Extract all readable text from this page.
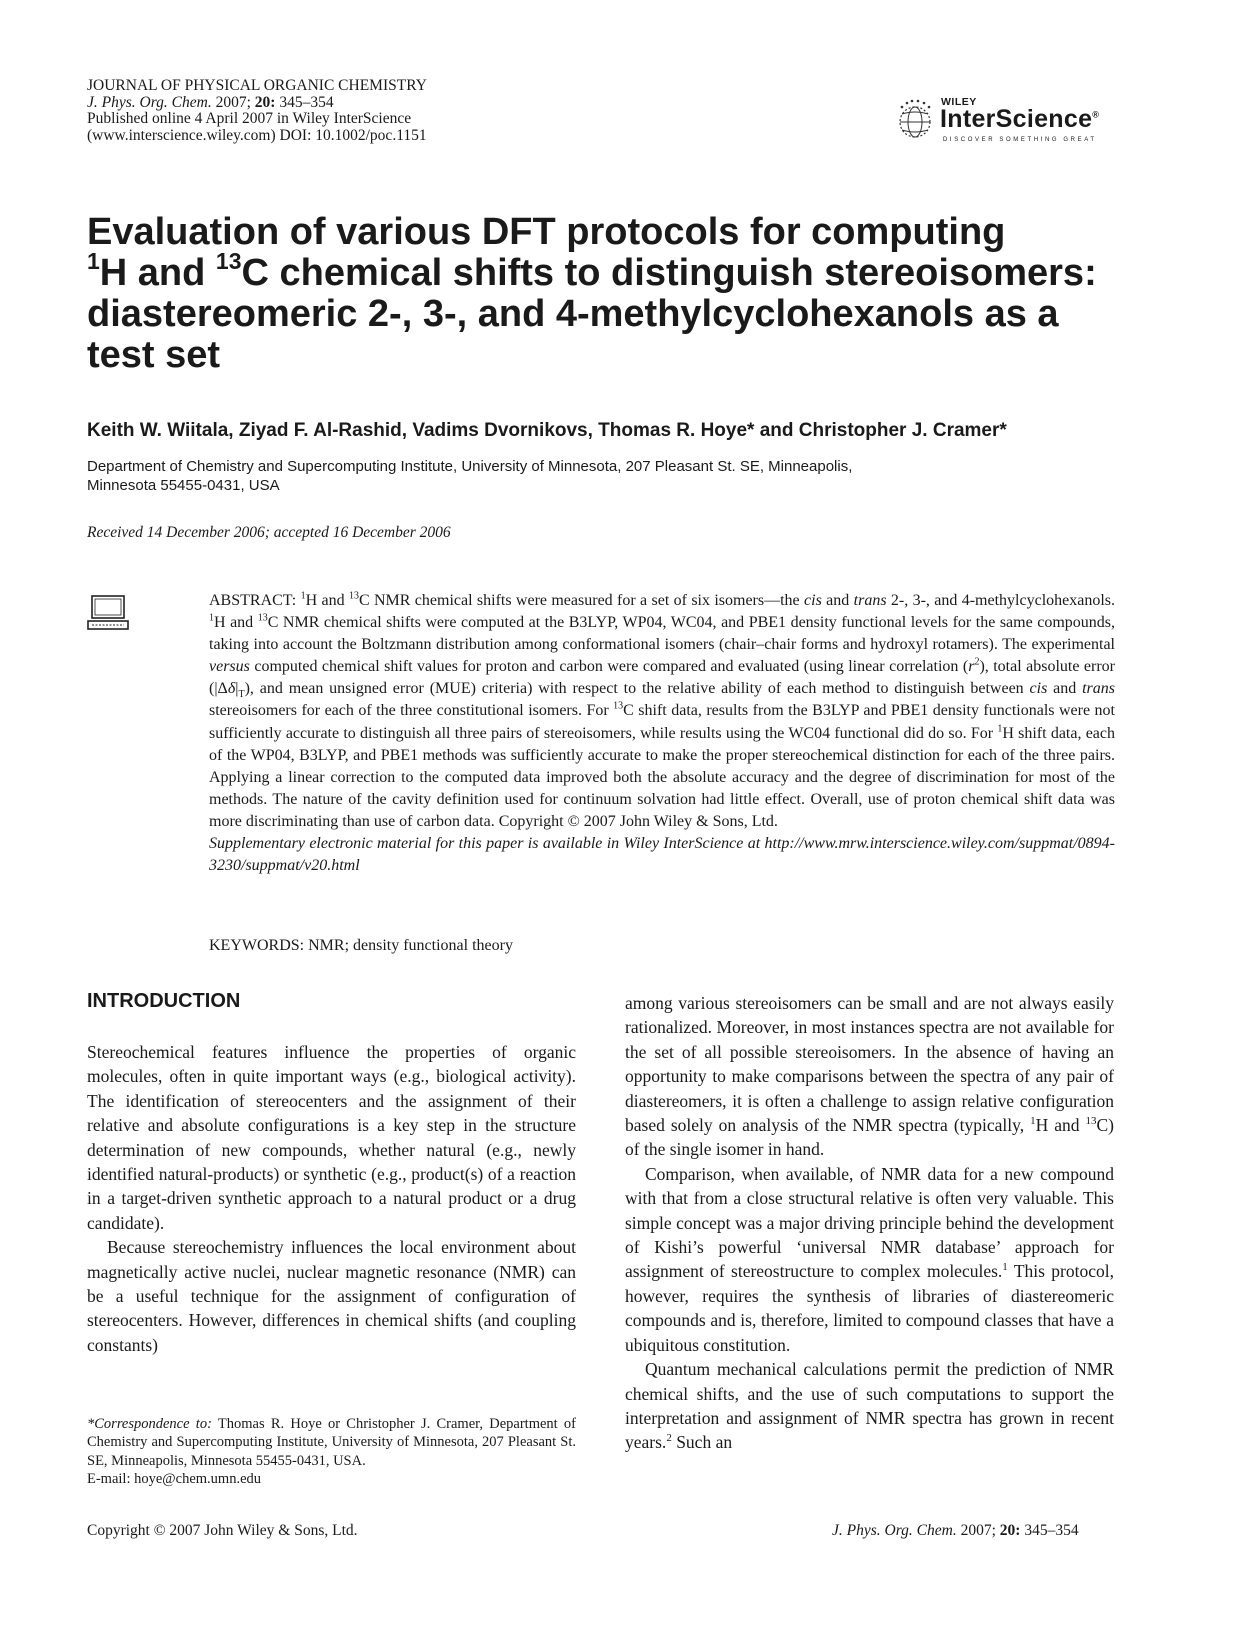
JOURNAL OF PHYSICAL ORGANIC CHEMISTRY
J. Phys. Org. Chem. 2007; 20: 345–354
Published online 4 April 2007 in Wiley InterScience
(www.interscience.wiley.com) DOI: 10.1002/poc.1151
WILEY
InterScience®
DISCOVER SOMETHING GREAT
Evaluation of various DFT protocols for computing
$^1$H and $^{13}$C chemical shifts to distinguish stereoisomers:
diastereomeric 2-, 3-, and 4-methylcyclohexanols as a
test set
Keith W. Wiitala, Ziyad F. Al-Rashid, Vadims Dvornikovs, Thomas R. Hoye* and Christopher J. Cramer*
Department of Chemistry and Supercomputing Institute, University of Minnesota, 207 Pleasant St. SE, Minneapolis,
Minnesota 55455-0431, USA
Received 14 December 2006; accepted 16 December 2006

ABSTRACT: $^1$H and $^{13}$C NMR chemical shifts were measured for a set of six isomers—the cis and trans 2-, 3-, and 4-methylcyclohexanols. $^1$H and $^{13}$C NMR chemical shifts were computed at the B3LYP, WP04, WC04, and PBE1 density functional levels for the same compounds, taking into account the Boltzmann distribution among conformational isomers (chair–chair forms and hydroxyl rotamers). The experimental versus computed chemical shift values for proton and carbon were compared and evaluated (using linear correlation $(r^2)$, total absolute error $(|\Delta\delta|_T)$, and mean unsigned error (MUE) criteria) with respect to the relative ability of each method to distinguish between cis and trans stereoisomers for each of the three constitutional isomers. For $^{13}$C shift data, results from the B3LYP and PBE1 density functionals were not sufficiently accurate to distinguish all three pairs of stereoisomers, while results using the WC04 functional did do so. For $^1$H shift data, each of the WP04, B3LYP, and PBE1 methods was sufficiently accurate to make the proper stereochemical distinction for each of the three pairs. Applying a linear correction to the computed data improved both the absolute accuracy and the degree of discrimination for most of the methods. The nature of the cavity definition used for continuum solvation had little effect. Overall, use of proton chemical shift data was more discriminating than use of carbon data. Copyright © 2007 John Wiley & Sons, Ltd.

Supplementary electronic material for this paper is available in Wiley InterScience at http://www.mrw.interscience.wiley.com/suppmat/0894-3230/suppmat/v20.html

KEYWORDS: NMR; density functional theory
INTRODUCTION

Stereochemical features influence the properties of organic molecules, often in quite important ways (e.g., biological activity). The identification of stereocenters and the assignment of their relative and absolute configurations is a key step in the structure determination of new compounds, whether natural (e.g., newly identified natural-products) or synthetic (e.g., product(s) of a reaction in a target-driven synthetic approach to a natural product or a drug candidate).

Because stereochemistry influences the local environment about magnetically active nuclei, nuclear magnetic resonance (NMR) can be a useful technique for the assignment of configuration of stereocenters. However, differences in chemical shifts (and coupling constants)

among various stereoisomers can be small and are not always easily rationalized. Moreover, in most instances spectra are not available for the set of all possible stereoisomers. In the absence of having an opportunity to make comparisons between the spectra of any pair of diastereomers, it is often a challenge to assign relative configuration based solely on analysis of the NMR spectra (typically, $^1$H and $^{13}$C) of the single isomer in hand.

Comparison, when available, of NMR data for a new compound with that from a close structural relative is often very valuable. This simple concept was a major driving principle behind the development of Kishi’s powerful ‘universal NMR database’ approach for assignment of stereostructure to complex molecules.$^1$ This protocol, however, requires the synthesis of libraries of diastereomeric compounds and is, therefore, limited to compound classes that have a ubiquitous constitution.

Quantum mechanical calculations permit the prediction of NMR chemical shifts, and the use of such computations to support the interpretation and assignment of NMR spectra has grown in recent years.$^2$ Such an

*Correspondence to: Thomas R. Hoye or Christopher J. Cramer, Department of Chemistry and Supercomputing Institute, University of Minnesota, 207 Pleasant St. SE, Minneapolis, Minnesota 55455-0431, USA.

E-mail: hoye@chem.umn.edu

Copyright © 2007 John Wiley & Sons, Ltd.	J. Phys. Org. Chem. 2007; 20: 345–354
